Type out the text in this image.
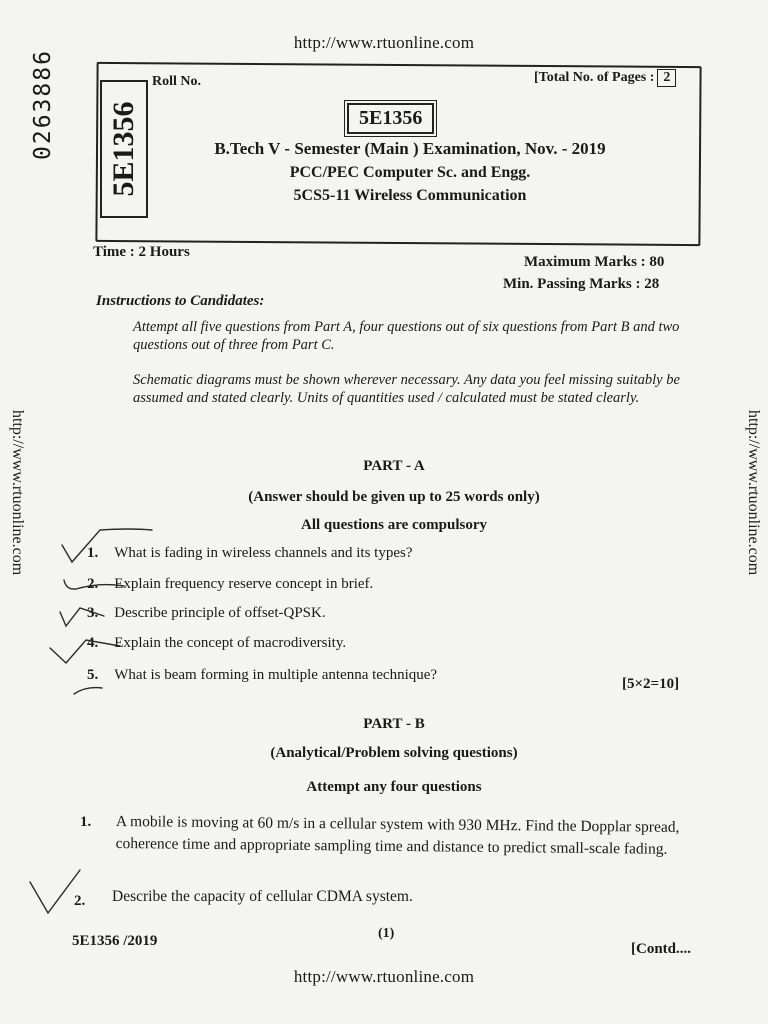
http://www.rtuonline.com
http://www.rtuonline.com	http://www.rtuonline.com
0263886 5E1356
Roll No.	[Total No. of Pages : 2
5E1356
B.Tech V - Semester (Main ) Examination, Nov. - 2019
PCC/PEC Computer Sc. and Engg.
5CS5-11 Wireless Communication
Time : 2 Hours
Maximum Marks : 80
Min. Passing Marks : 28
Instructions to Candidates:
Attempt all five questions from Part A, four questions out of six questions from Part B and two questions out of three from Part C.
Schematic diagrams must be shown wherever necessary. Any data you feel missing suitably be assumed and stated clearly. Units of quantities used / calculated must be stated clearly.
PART - A
(Answer should be given up to 25 words only)
All questions are compulsory
1. What is fading in wireless channels and its types?
2. Explain frequency reserve concept in brief.
3. Describe principle of offset-QPSK.
4. Explain the concept of macrodiversity.
5. What is beam forming in multiple antenna technique?
[5×2=10]
PART - B
(Analytical/Problem solving questions)
Attempt any four questions
1. A mobile is moving at 60 m/s in a cellular system with 930 MHz. Find the Dopplar spread, coherence time and appropriate sampling time and distance to predict small-scale fading.
2. Describe the capacity of cellular CDMA system.
5E1356 /2019	(1)
[Contd....
http://www.rtuonline.com
